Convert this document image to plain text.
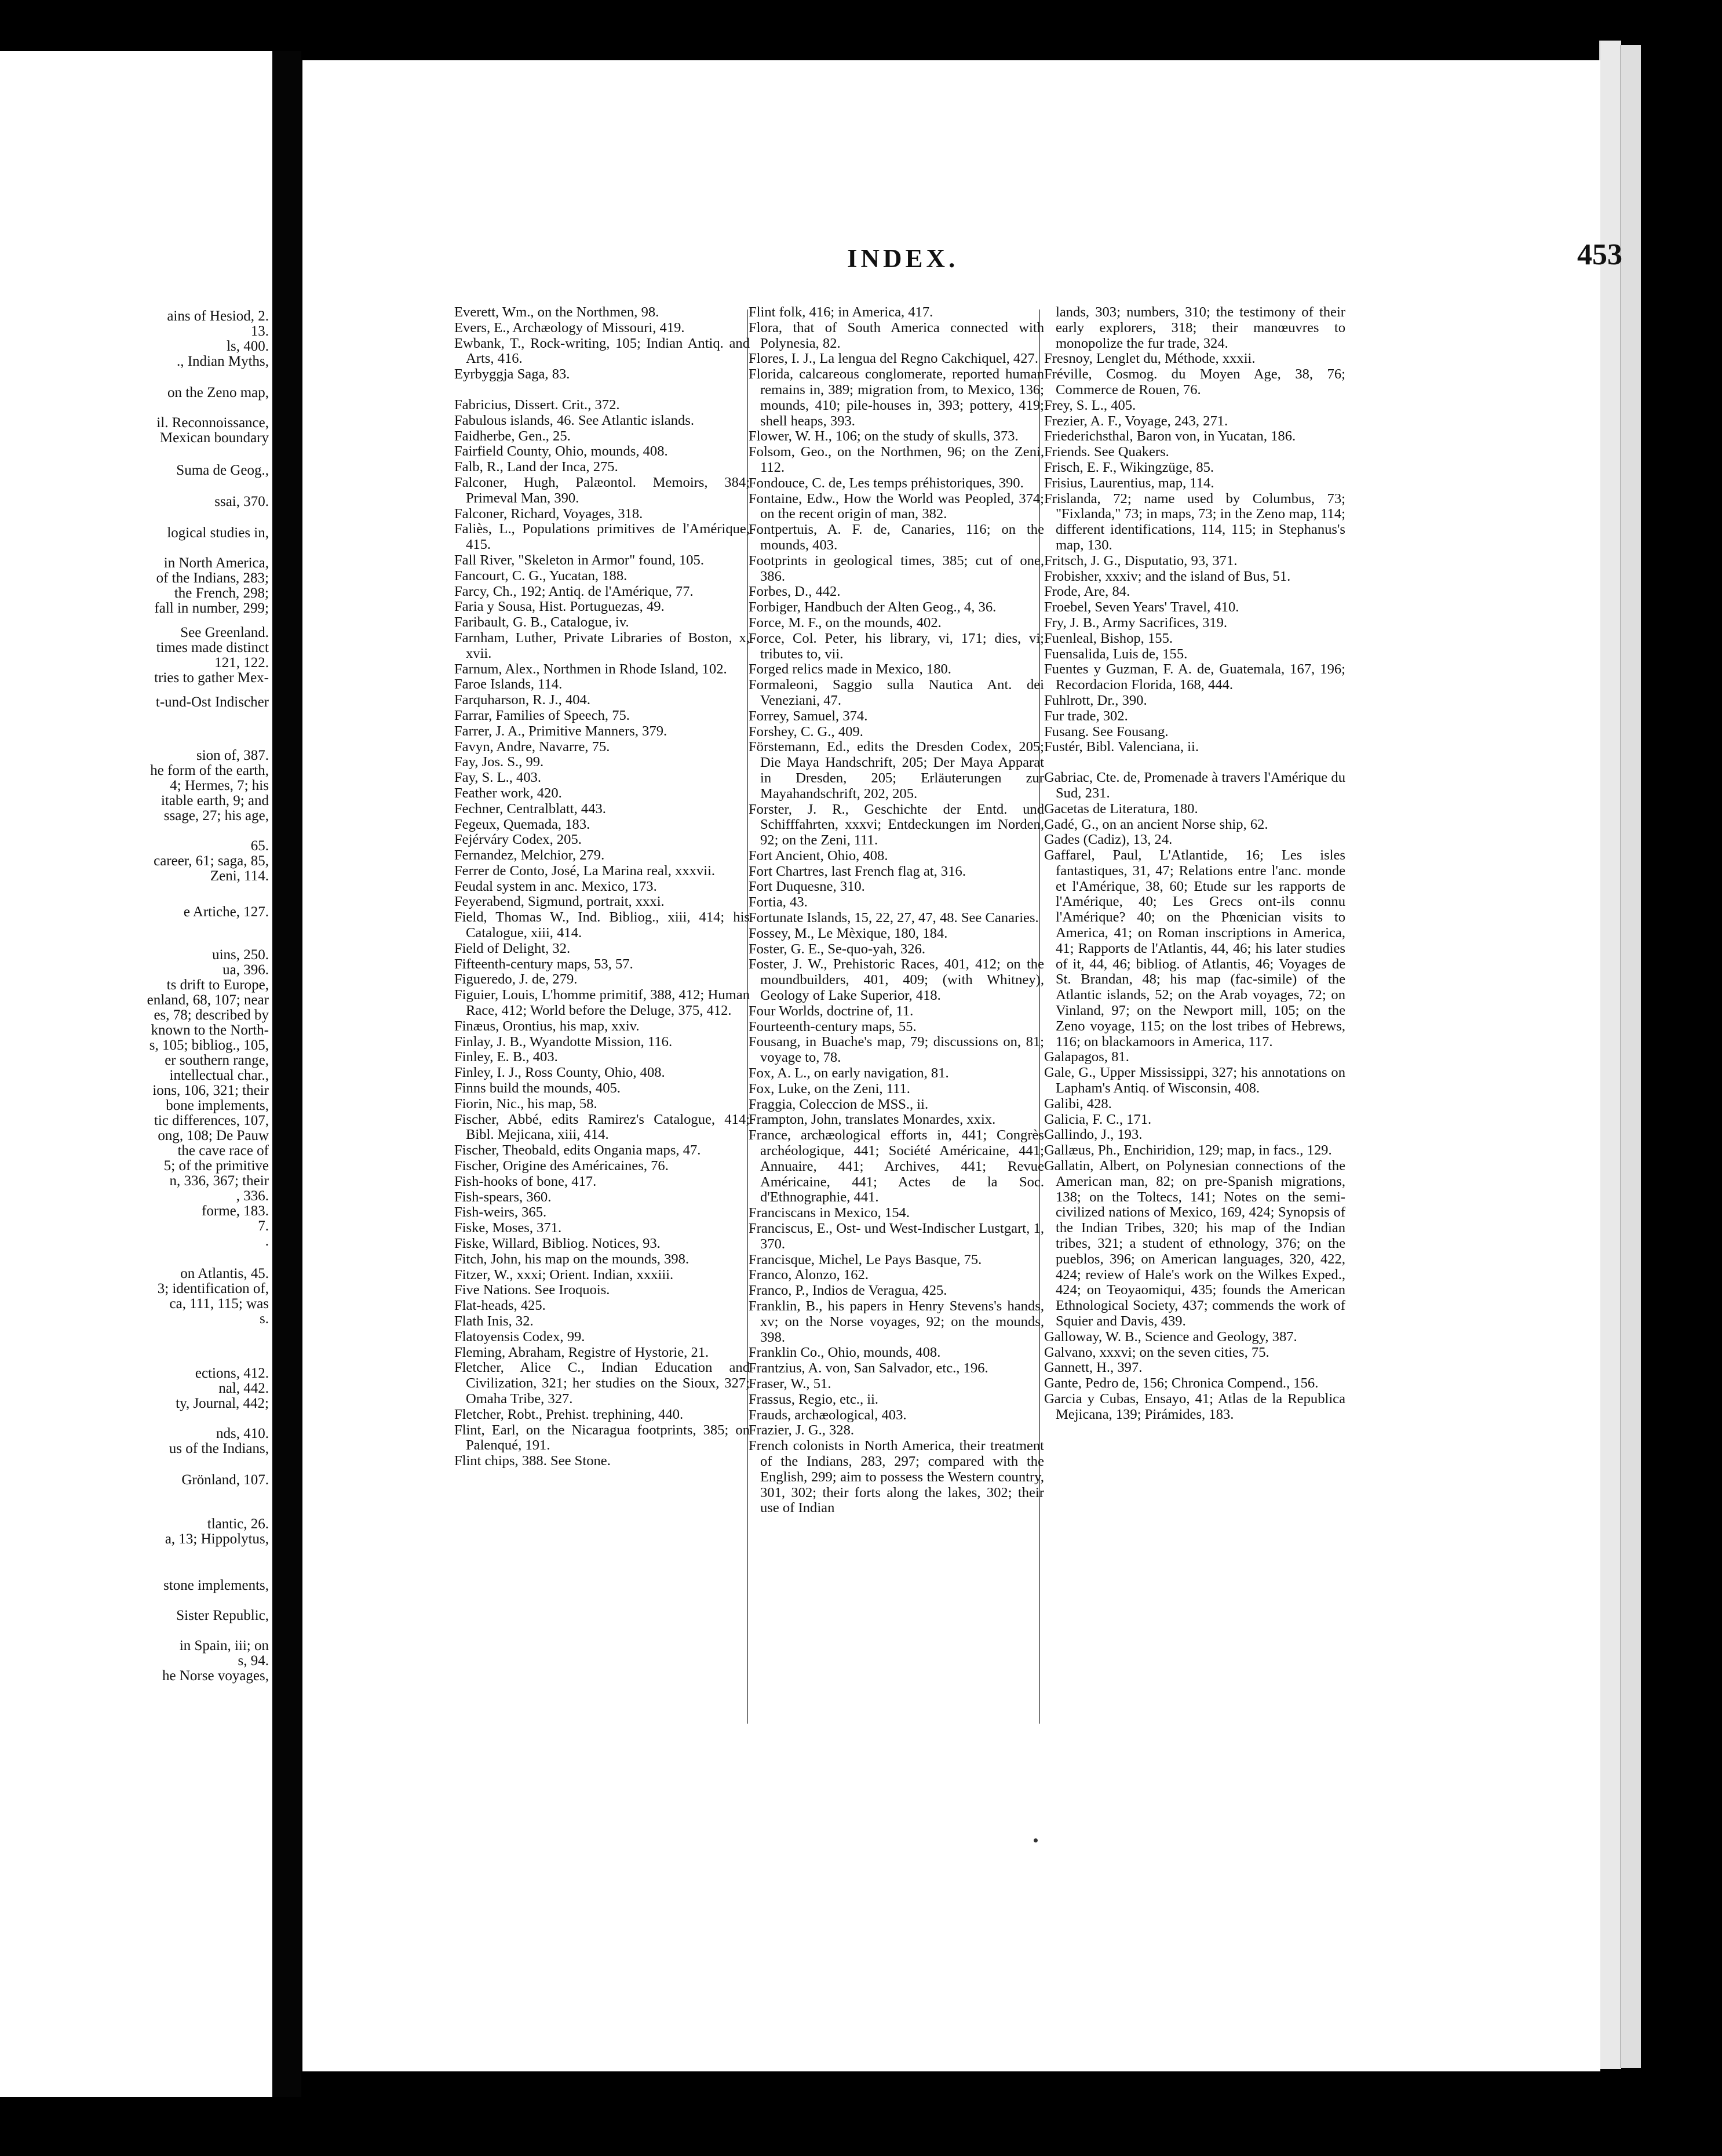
ains of Hesiod, 2.
13.
ls, 400.
., Indian Myths,
on the Zeno map,
il. Reconnoissance,
Mexican boundary
Suma de Geog.,
ssai, 370.
logical studies in,
in North America,
of the Indians, 283;
the French, 298;
fall in number, 299;
See Greenland.
times made distinct
121, 122.
tries to gather Mex-
t-und-Ost Indischer
sion of, 387.
he form of the earth,
4; Hermes, 7; his
itable earth, 9; and
ssage, 27; his age,
65.
career, 61; saga, 85,
Zeni, 114.
e Artiche, 127.
uins, 250.
ua, 396.
ts drift to Europe,
enland, 68, 107; near
es, 78; described by
known to the North-
s, 105; bibliog., 105,
er southern range,
intellectual char.,
ions, 106, 321; their
bone implements,
tic differences, 107,
ong, 108; De Pauw
the cave race of
5; of the primitive
n, 336, 367; their
, 336.
forme, 183.
7.
.
on Atlantis, 45.
3; identification of,
ca, 111, 115; was
s.
ections, 412.
nal, 442.
ty, Journal, 442;
nds, 410.
us of the Indians,
Grönland, 107.
tlantic, 26.
a, 13; Hippolytus,
stone implements,
Sister Republic,
in Spain, iii; on
s, 94.
he Norse voyages,
INDEX.	453
Everett, Wm., on the Northmen, 98.
Evers, E., Archæology of Missouri, 419.
Ewbank, T., Rock-writing, 105; Indian Antiq. and Arts, 416.
Eyrbyggja Saga, 83.
Fabricius, Dissert. Crit., 372.
Fabulous islands, 46. See Atlantic islands.
Faidherbe, Gen., 25.
Fairfield County, Ohio, mounds, 408.
Falb, R., Land der Inca, 275.
Falconer, Hugh, Palæontol. Memoirs, 384; Primeval Man, 390.
Falconer, Richard, Voyages, 318.
Faliès, L., Populations primitives de l'Amérique, 415.
Fall River, "Skeleton in Armor" found, 105.
Fancourt, C. G., Yucatan, 188.
Farcy, Ch., 192; Antiq. de l'Amérique, 77.
Faria y Sousa, Hist. Portuguezas, 49.
Faribault, G. B., Catalogue, iv.
Farnham, Luther, Private Libraries of Boston, x, xvii.
Farnum, Alex., Northmen in Rhode Island, 102.
Faroe Islands, 114.
Farquharson, R. J., 404.
Farrar, Families of Speech, 75.
Farrer, J. A., Primitive Manners, 379.
Favyn, Andre, Navarre, 75.
Fay, Jos. S., 99.
Fay, S. L., 403.
Feather work, 420.
Fechner, Centralblatt, 443.
Fegeux, Quemada, 183.
Fejérváry Codex, 205.
Fernandez, Melchior, 279.
Ferrer de Conto, José, La Marina real, xxxvii.
Feudal system in anc. Mexico, 173.
Feyerabend, Sigmund, portrait, xxxi.
Field, Thomas W., Ind. Bibliog., xiii, 414; his Catalogue, xiii, 414.
Field of Delight, 32.
Fifteenth-century maps, 53, 57.
Figueredo, J. de, 279.
Figuier, Louis, L'homme primitif, 388, 412; Human Race, 412; World before the Deluge, 375, 412.
Finæus, Orontius, his map, xxiv.
Finlay, J. B., Wyandotte Mission, 116.
Finley, E. B., 403.
Finley, I. J., Ross County, Ohio, 408.
Finns build the mounds, 405.
Fiorin, Nic., his map, 58.
Fischer, Abbé, edits Ramirez's Catalogue, 414; Bibl. Mejicana, xiii, 414.
Fischer, Theobald, edits Ongania maps, 47.
Fischer, Origine des Américaines, 76.
Fish-hooks of bone, 417.
Fish-spears, 360.
Fish-weirs, 365.
Fiske, Moses, 371.
Fiske, Willard, Bibliog. Notices, 93.
Fitch, John, his map on the mounds, 398.
Fitzer, W., xxxi; Orient. Indian, xxxiii.
Five Nations. See Iroquois.
Flat-heads, 425.
Flath Inis, 32.
Flatoyensis Codex, 99.
Fleming, Abraham, Registre of Hystorie, 21.
Fletcher, Alice C., Indian Education and Civilization, 321; her studies on the Sioux, 327; Omaha Tribe, 327.
Fletcher, Robt., Prehist. trephining, 440.
Flint, Earl, on the Nicaragua footprints, 385; on Palenqué, 191.
Flint chips, 388. See Stone.
Flint folk, 416; in America, 417.
Flora, that of South America connected with Polynesia, 82.
Flores, I. J., La lengua del Regno Cakchiquel, 427.
Florida, calcareous conglomerate, reported human remains in, 389; migration from, to Mexico, 136; mounds, 410; pile-houses in, 393; pottery, 419; shell heaps, 393.
Flower, W. H., 106; on the study of skulls, 373.
Folsom, Geo., on the Northmen, 96; on the Zeni, 112.
Fondouce, C. de, Les temps préhistoriques, 390.
Fontaine, Edw., How the World was Peopled, 374; on the recent origin of man, 382.
Fontpertuis, A. F. de, Canaries, 116; on the mounds, 403.
Footprints in geological times, 385; cut of one, 386.
Forbes, D., 442.
Forbiger, Handbuch der Alten Geog., 4, 36.
Force, M. F., on the mounds, 402.
Force, Col. Peter, his library, vi, 171; dies, vi; tributes to, vii.
Forged relics made in Mexico, 180.
Formaleoni, Saggio sulla Nautica Ant. dei Veneziani, 47.
Forrey, Samuel, 374.
Forshey, C. G., 409.
Förstemann, Ed., edits the Dresden Codex, 205; Die Maya Handschrift, 205; Der Maya Apparat in Dresden, 205; Erläuterungen zur Mayahandschrift, 202, 205.
Forster, J. R., Geschichte der Entd. und Schifffahrten, xxxvi; Entdeckungen im Norden, 92; on the Zeni, 111.
Fort Ancient, Ohio, 408.
Fort Chartres, last French flag at, 316.
Fort Duquesne, 310.
Fortia, 43.
Fortunate Islands, 15, 22, 27, 47, 48. See Canaries.
Fossey, M., Le Mèxique, 180, 184.
Foster, G. E., Se-quo-yah, 326.
Foster, J. W., Prehistoric Races, 401, 412; on the moundbuilders, 401, 409; (with Whitney), Geology of Lake Superior, 418.
Four Worlds, doctrine of, 11.
Fourteenth-century maps, 55.
Fousang, in Buache's map, 79; discussions on, 81; voyage to, 78.
Fox, A. L., on early navigation, 81.
Fox, Luke, on the Zeni, 111.
Fraggia, Coleccion de MSS., ii.
Frampton, John, translates Monardes, xxix.
France, archæological efforts in, 441; Congrès archéologique, 441; Société Américaine, 441; Annuaire, 441; Archives, 441; Revue Américaine, 441; Actes de la Soc. d'Ethnographie, 441.
Franciscans in Mexico, 154.
Franciscus, E., Ost- und West-Indischer Lustgart, 1, 370.
Francisque, Michel, Le Pays Basque, 75.
Franco, Alonzo, 162.
Franco, P., Indios de Veragua, 425.
Franklin, B., his papers in Henry Stevens's hands, xv; on the Norse voyages, 92; on the mounds, 398.
Franklin Co., Ohio, mounds, 408.
Frantzius, A. von, San Salvador, etc., 196.
Fraser, W., 51.
Frassus, Regio, etc., ii.
Frauds, archæological, 403.
Frazier, J. G., 328.
French colonists in North America, their treatment of the Indians, 283, 297; compared with the English, 299; aim to possess the Western country, 301, 302; their forts along the lakes, 302; their use of Indian
lands, 303; numbers, 310; the testimony of their early explorers, 318; their manœuvres to monopolize the fur trade, 324.
Fresnoy, Lenglet du, Méthode, xxxii.
Fréville, Cosmog. du Moyen Age, 38, 76; Commerce de Rouen, 76.
Frey, S. L., 405.
Frezier, A. F., Voyage, 243, 271.
Friederichsthal, Baron von, in Yucatan, 186.
Friends. See Quakers.
Frisch, E. F., Wikingzüge, 85.
Frisius, Laurentius, map, 114.
Frislanda, 72; name used by Columbus, 73; "Fixlanda," 73; in maps, 73; in the Zeno map, 114; different identifications, 114, 115; in Stephanus's map, 130.
Fritsch, J. G., Disputatio, 93, 371.
Frobisher, xxxiv; and the island of Bus, 51.
Frode, Are, 84.
Froebel, Seven Years' Travel, 410.
Fry, J. B., Army Sacrifices, 319.
Fuenleal, Bishop, 155.
Fuensalida, Luis de, 155.
Fuentes y Guzman, F. A. de, Guatemala, 167, 196; Recordacion Florida, 168, 444.
Fuhlrott, Dr., 390.
Fur trade, 302.
Fusang. See Fousang.
Fustér, Bibl. Valenciana, ii.
Gabriac, Cte. de, Promenade à travers l'Amérique du Sud, 231.
Gacetas de Literatura, 180.
Gadé, G., on an ancient Norse ship, 62.
Gades (Cadiz), 13, 24.
Gaffarel, Paul, L'Atlantide, 16; Les isles fantastiques, 31, 47; Relations entre l'anc. monde et l'Amérique, 38, 60; Etude sur les rapports de l'Amérique, 40; Les Grecs ont-ils connu l'Amérique? 40; on the Phœnician visits to America, 41; on Roman inscriptions in America, 41; Rapports de l'Atlantis, 44, 46; his later studies of it, 44, 46; bibliog. of Atlantis, 46; Voyages de St. Brandan, 48; his map (fac-simile) of the Atlantic islands, 52; on the Arab voyages, 72; on Vinland, 97; on the Newport mill, 105; on the Zeno voyage, 115; on the lost tribes of Hebrews, 116; on blackamoors in America, 117.
Galapagos, 81.
Gale, G., Upper Mississippi, 327; his annotations on Lapham's Antiq. of Wisconsin, 408.
Galibi, 428.
Galicia, F. C., 171.
Gallindo, J., 193.
Gallæus, Ph., Enchiridion, 129; map, in facs., 129.
Gallatin, Albert, on Polynesian connections of the American man, 82; on pre-Spanish migrations, 138; on the Toltecs, 141; Notes on the semi-civilized nations of Mexico, 169, 424; Synopsis of the Indian Tribes, 320; his map of the Indian tribes, 321; a student of ethnology, 376; on the pueblos, 396; on American languages, 320, 422, 424; review of Hale's work on the Wilkes Exped., 424; on Teoyaomiqui, 435; founds the American Ethnological Society, 437; commends the work of Squier and Davis, 439.
Galloway, W. B., Science and Geology, 387.
Galvano, xxxvi; on the seven cities, 75.
Gannett, H., 397.
Gante, Pedro de, 156; Chronica Compend., 156.
Garcia y Cubas, Ensayo, 41; Atlas de la Republica Mejicana, 139; Pirámides, 183.
